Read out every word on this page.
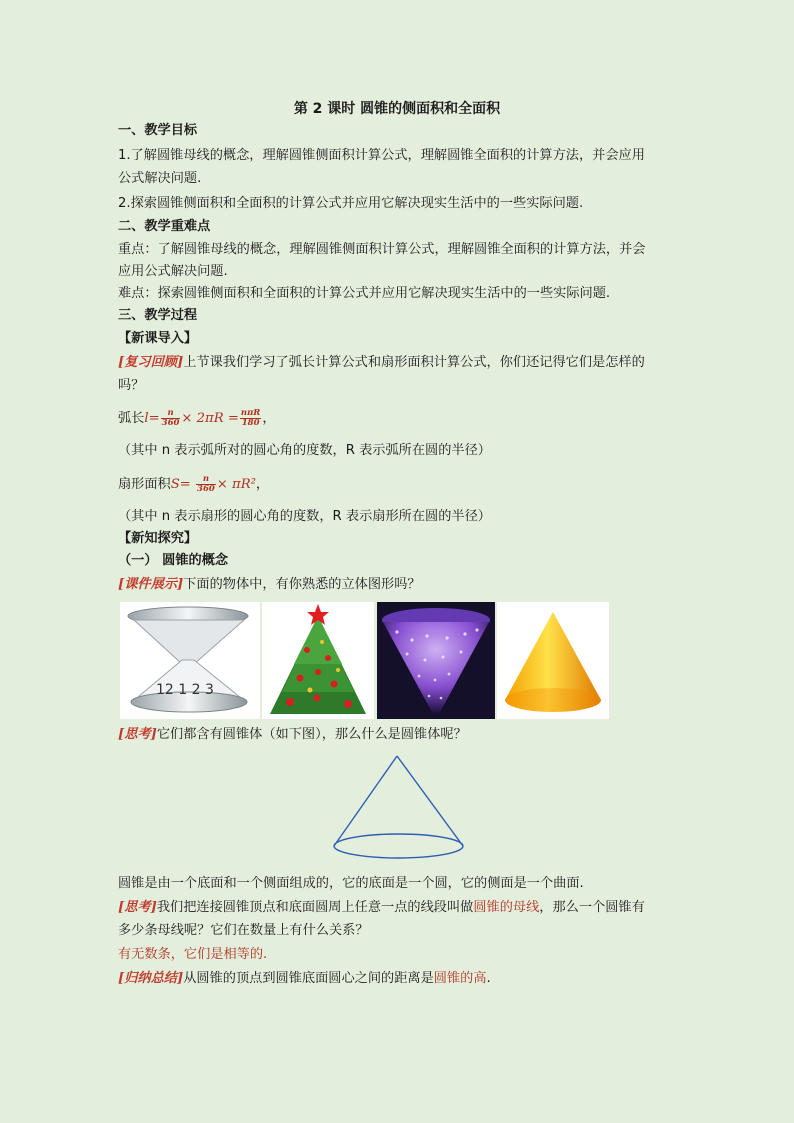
第 2 课时 圆锥的侧面积和全面积
一、教学目标
1.了解圆锥母线的概念，理解圆锥侧面积计算公式，理解圆锥全面积的计算方法，并会应用
公式解决问题.
2.探索圆锥侧面积和全面积的计算公式并应用它解决现实生活中的一些实际问题.
二、教学重难点
重点：了解圆锥母线的概念，理解圆锥侧面积计算公式，理解圆锥全面积的计算方法，并会
应用公式解决问题.
难点：探索圆锥侧面积和全面积的计算公式并应用它解决现实生活中的一些实际问题.
三、教学过程
【新课导入】
[复习回顾]上节课我们学习了弧长计算公式和扇形面积计算公式，你们还记得它们是怎样的
吗？
弧长$l= \frac{n}{360} \times 2\pi R = \frac{\text{nπR}}{180}$ ，
（其中 n 表示弧所对的圆心角的度数，R 表示弧所在圆的半径）
扇形面积$S= \frac{n}{360} \times \pi R^2$，
（其中 n 表示扇形的圆心角的度数，R 表示扇形所在圆的半径）
【新知探究】
（一） 圆锥的概念
[课件展示]下面的物体中，有你熟悉的立体图形吗？
12 1 2 3
[思考]它们都含有圆锥体（如下图），那么什么是圆锥体呢？
圆锥是由一个底面和一个侧面组成的，它的底面是一个圆，它的侧面是一个曲面.
[思考]我们把连接圆锥顶点和底面圆周上任意一点的线段叫做圆锥的母线，那么一个圆锥有
多少条母线呢？它们在数量上有什么关系？
有无数条，它们是相等的.
[归纳总结]从圆锥的顶点到圆锥底面圆心之间的距离是圆锥的高.
